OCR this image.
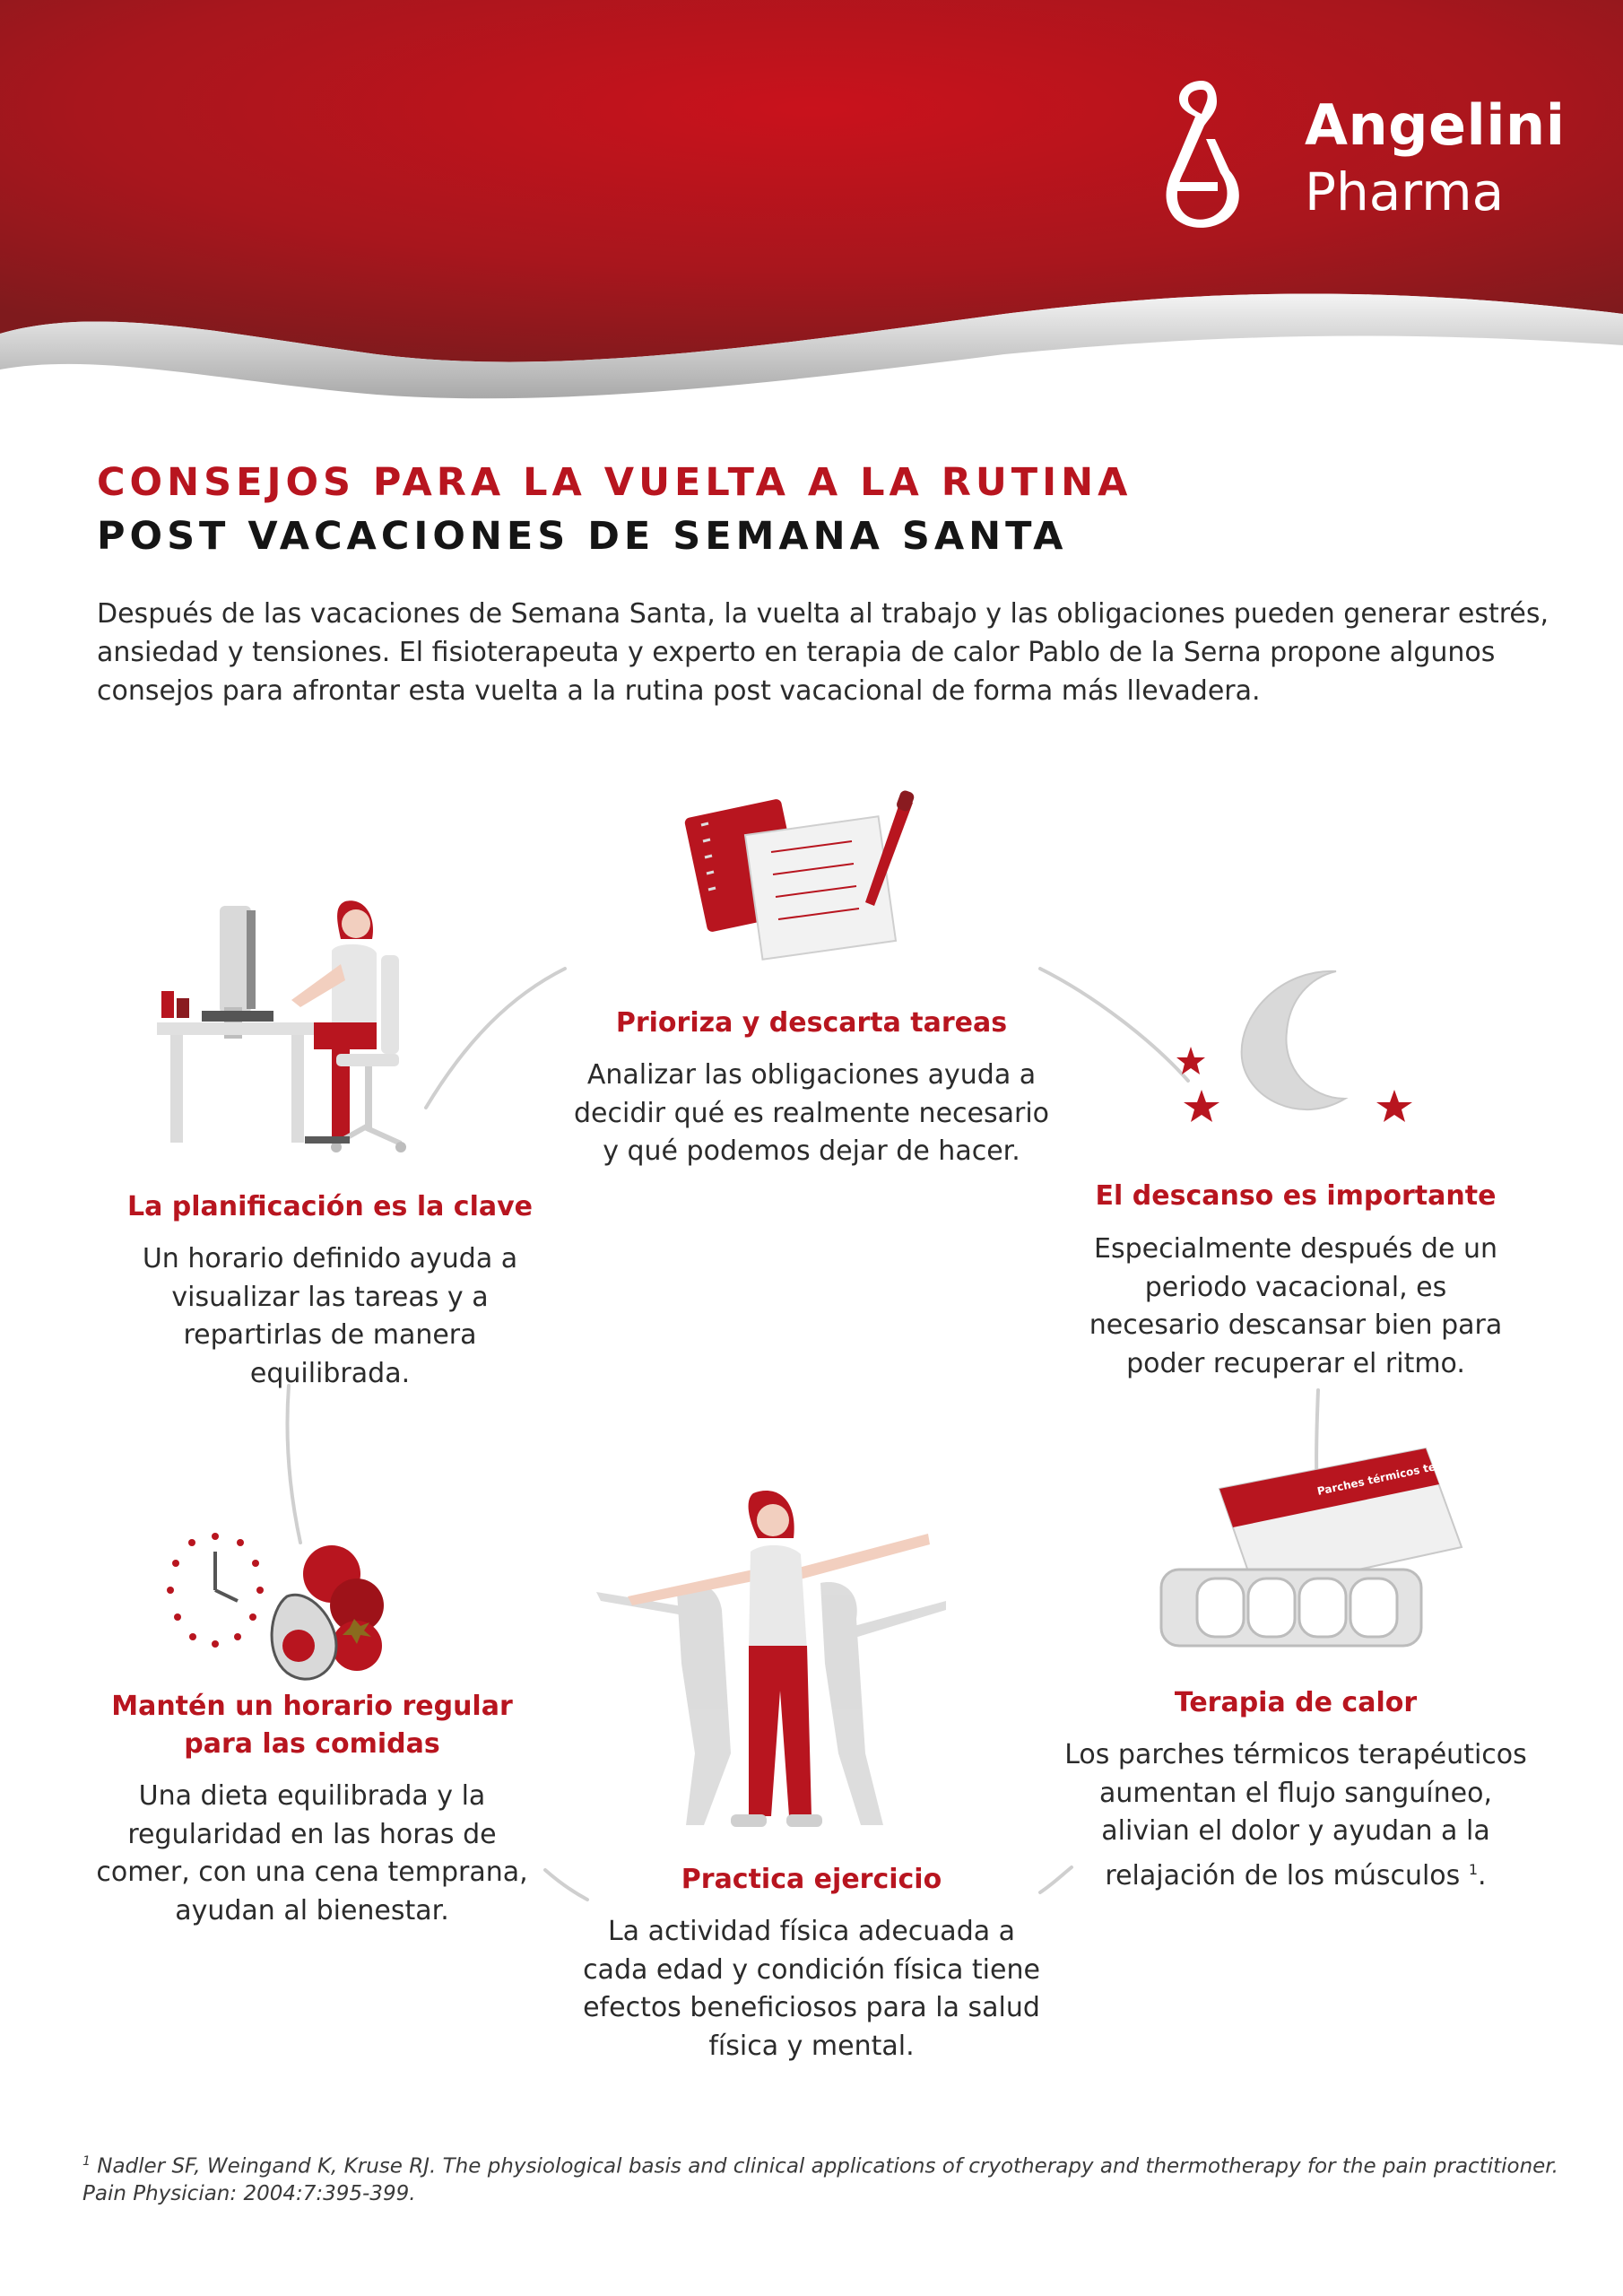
Angelini
Pharma
CONSEJOS PARA LA VUELTA A LA RUTINA
POST VACACIONES DE SEMANA SANTA
Después de las vacaciones de Semana Santa, la vuelta al trabajo y las obligaciones pueden generar estrés, ansiedad y tensiones. El fisioterapeuta y experto en terapia de calor Pablo de la Serna propone algunos consejos para afrontar esta vuelta a la rutina post vacacional de forma más llevadera.
Parches térmicos terapéuticos
La planificación es la clave
Un horario definido ayuda a visualizar las tareas y a repartirlas de manera equilibrada.
Prioriza y descarta tareas
Analizar las obligaciones ayuda a decidir qué es realmente necesario y qué podemos dejar de hacer.
El descanso es importante
Especialmente después de un periodo vacacional, es necesario descansar bien para poder recuperar el ritmo.
Mantén un horario regular
para las comidas
Una dieta equilibrada y la regularidad en las horas de comer, con una cena temprana, ayudan al bienestar.
Practica ejercicio
La actividad física adecuada a cada edad y condición física tiene efectos beneficiosos para la salud física y mental.
Terapia de calor
Los parches térmicos terapéuticos aumentan el flujo sanguíneo, alivian el dolor y ayudan a la relajación de los músculos $^1$.
$^1$ Nadler SF, Weingand K, Kruse RJ. The physiological basis and clinical applications of cryotherapy and thermotherapy for the pain practitioner.
Pain Physician: 2004:7:395-399.
